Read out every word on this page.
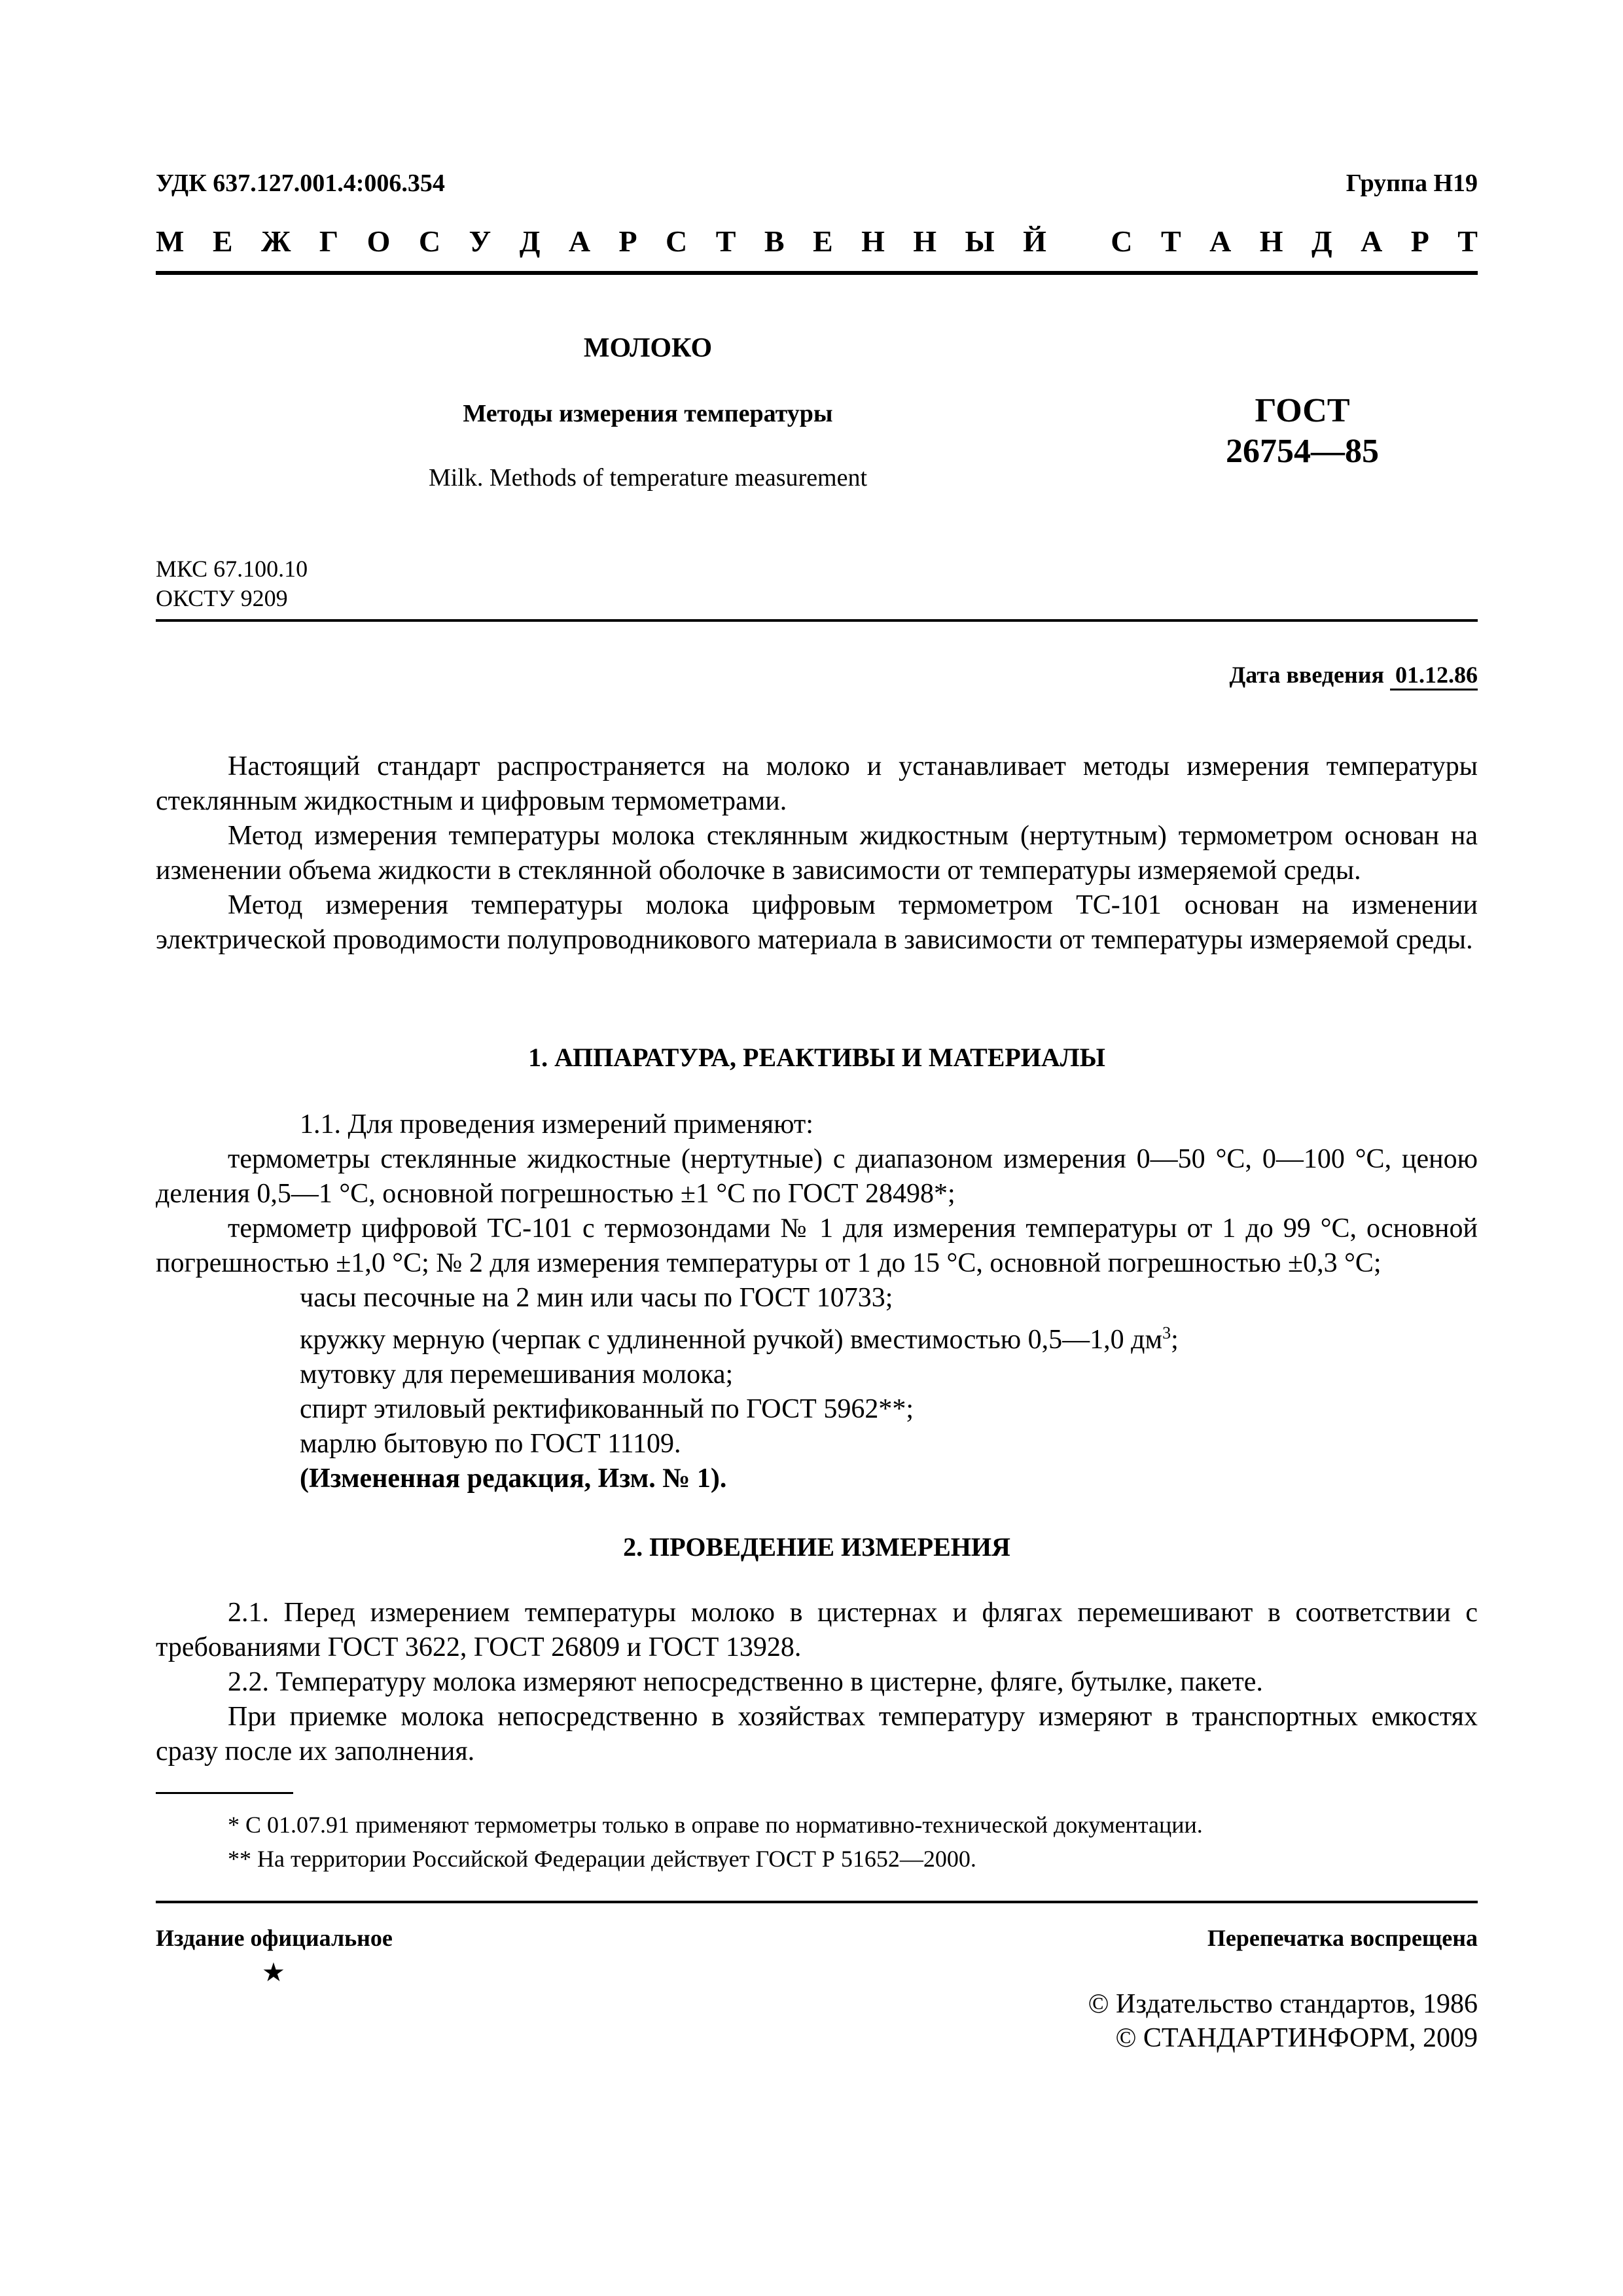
УДК 637.127.001.4:006.354	Группа Н19
М Е Ж Г О С У Д А Р С Т В Е Н Н Ы Й
С Т А Н Д А Р Т
МОЛОКО
Методы измерения температуры
Milk. Methods of temperature measurement
ГОСТ
26754—85
МКС 67.100.10
ОКСТУ 9209
Дата введения 01.12.86

Настоящий стандарт распространяется на молоко и устанавливает методы измерения температуры стеклянным жидкостным и цифровым термометрами.

Метод измерения температуры молока стеклянным жидкостным (нертутным) термометром основан на изменении объема жидкости в стеклянной оболочке в зависимости от температуры измеряемой среды.

Метод измерения температуры молока цифровым термометром ТС-101 основан на изменении электрической проводимости полупроводникового материала в зависимости от температуры измеряемой среды.

1. АППАРАТУРА, РЕАКТИВЫ И МАТЕРИАЛЫ

1.1. Для проведения измерений применяют:

термометры стеклянные жидкостные (нертутные) с диапазоном измерения 0—50 °С, 0—100 °С, ценою деления 0,5—1 °С, основной погрешностью ±1 °С по ГОСТ 28498*;

термометр цифровой ТС-101 с термозондами № 1 для измерения температуры от 1 до 99 °С, основной погрешностью ±1,0 °С; № 2 для измерения температуры от 1 до 15 °С, основной погрешностью ±0,3 °С;

часы песочные на 2 мин или часы по ГОСТ 10733;

кружку мерную (черпак с удлиненной ручкой) вместимостью 0,5—1,0 $дм^3$;

мутовку для перемешивания молока;

спирт этиловый ректификованный по ГОСТ 5962**;

марлю бытовую по ГОСТ 11109.

(Измененная редакция, Изм. № 1).

2. ПРОВЕДЕНИЕ ИЗМЕРЕНИЯ

2.1. Перед измерением температуры молоко в цистернах и флягах перемешивают в соответствии с требованиями ГОСТ 3622, ГОСТ 26809 и ГОСТ 13928.

2.2. Температуру молока измеряют непосредственно в цистерне, фляге, бутылке, пакете.

При приемке молока непосредственно в хозяйствах температуру измеряют в транспортных емкостях сразу после их заполнения.

* С 01.07.91 применяют термометры только в оправе по нормативно-технической документации.

** На территории Российской Федерации действует ГОСТ Р 51652—2000.

Издание официальное
★
Перепечатка воспрещена
© Издательство стандартов, 1986
© СТАНДАРТИНФОРМ, 2009
